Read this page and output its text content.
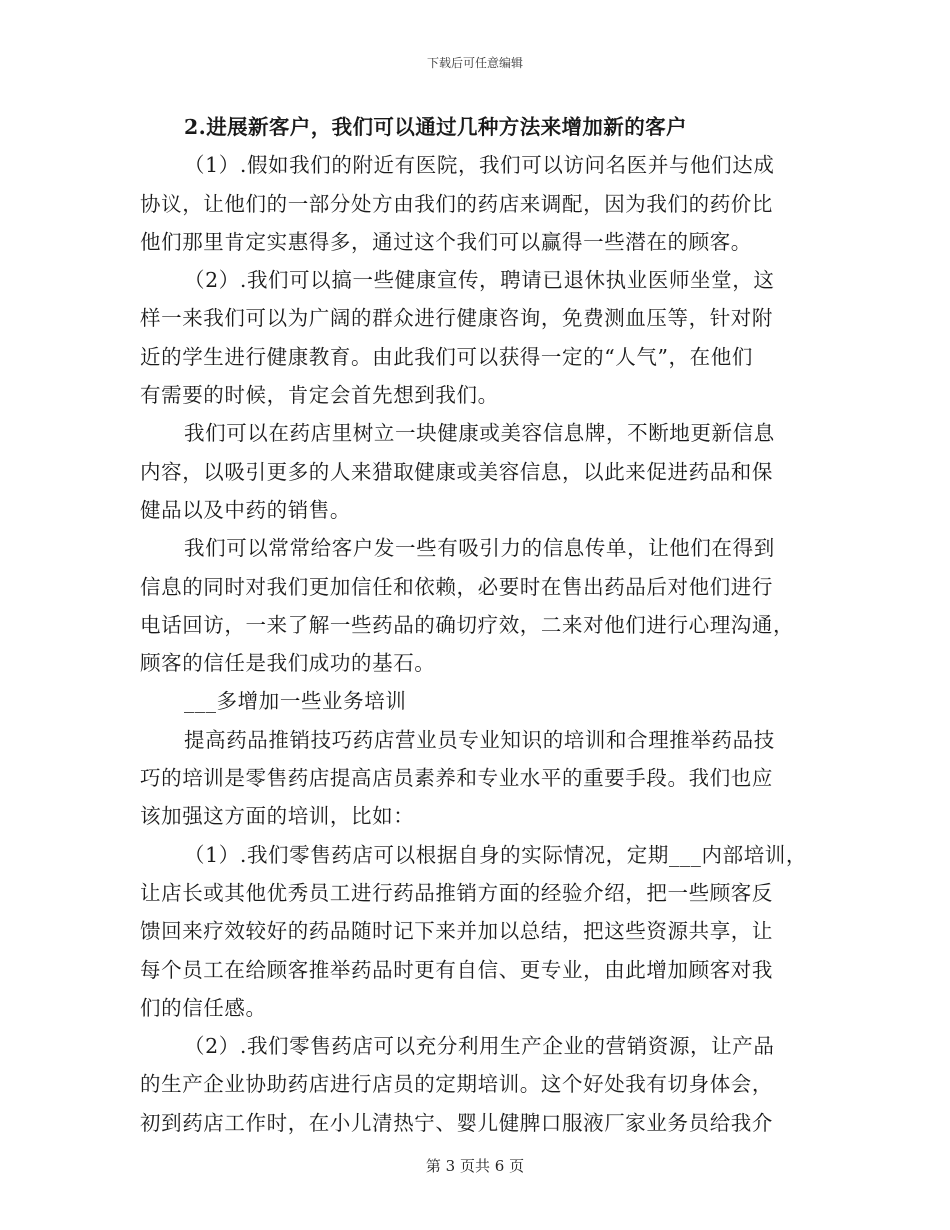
下载后可任意编辑
2.进展新客户，我们可以通过几种方法来增加新的客户
（1）.假如我们的附近有医院，我们可以访问名医并与他们达成
协议，让他们的一部分处方由我们的药店来调配，因为我们的药价比
他们那里肯定实惠得多，通过这个我们可以赢得一些潜在的顾客。
（2）.我们可以搞一些健康宣传，聘请已退休执业医师坐堂，这
样一来我们可以为广阔的群众进行健康咨询，免费测血压等，针对附
近的学生进行健康教育。由此我们可以获得一定的“人气”，在他们
有需要的时候，肯定会首先想到我们。
我们可以在药店里树立一块健康或美容信息牌，不断地更新信息
内容，以吸引更多的人来猎取健康或美容信息，以此来促进药品和保
健品以及中药的销售。
我们可以常常给客户发一些有吸引力的信息传单，让他们在得到
信息的同时对我们更加信任和依赖，必要时在售出药品后对他们进行
电话回访，一来了解一些药品的确切疗效，二来对他们进行心理沟通，
顾客的信任是我们成功的基石。
___多增加一些业务培训
提高药品推销技巧药店营业员专业知识的培训和合理推举药品技
巧的培训是零售药店提高店员素养和专业水平的重要手段。我们也应
该加强这方面的培训，比如：
（1）.我们零售药店可以根据自身的实际情况，定期___内部培训，
让店长或其他优秀员工进行药品推销方面的经验介绍，把一些顾客反
馈回来疗效较好的药品随时记下来并加以总结，把这些资源共享，让
每个员工在给顾客推举药品时更有自信、更专业，由此增加顾客对我
们的信任感。
（2）.我们零售药店可以充分利用生产企业的营销资源，让产品
的生产企业协助药店进行店员的定期培训。这个好处我有切身体会，
初到药店工作时，在小儿清热宁、婴儿健脾口服液厂家业务员给我介
第 3 页共 6 页
